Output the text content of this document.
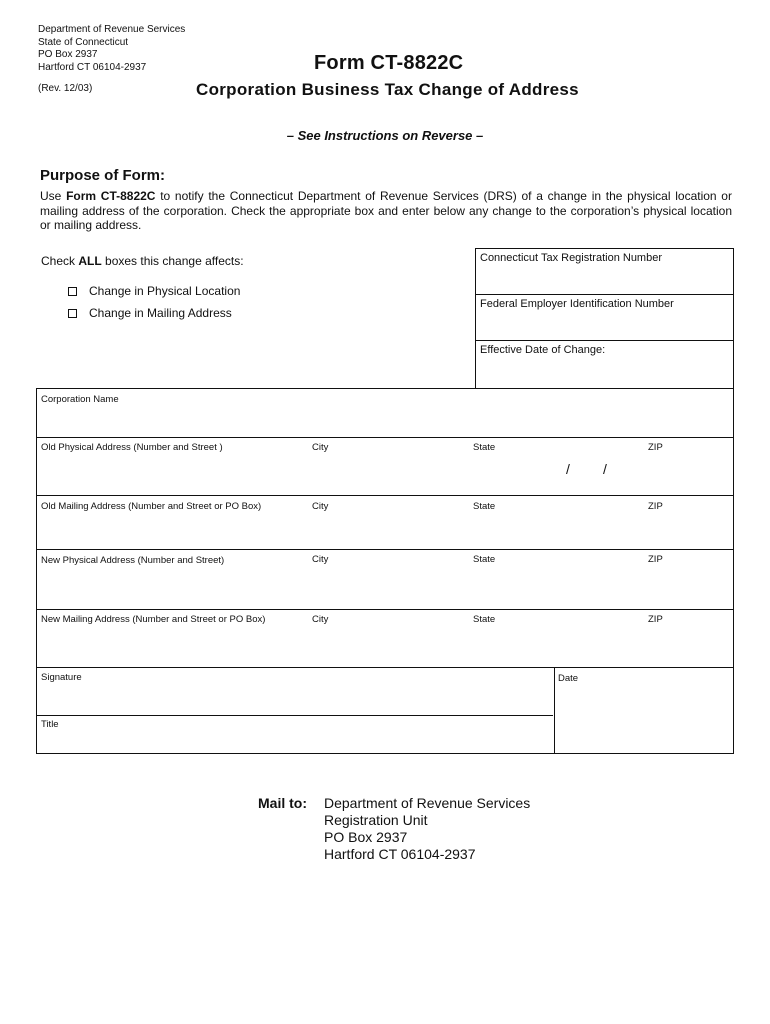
Department of Revenue Services
State of Connecticut
PO Box 2937
Hartford CT 06104-2937
(Rev. 12/03)
Form CT-8822C
Corporation Business Tax Change of Address
– See Instructions on Reverse –
Purpose of Form:
Use Form CT-8822C to notify the Connecticut Department of Revenue Services (DRS) of a change in the physical location or mailing address of the corporation. Check the appropriate box and enter below any change to the corporation’s physical location or mailing address.
Check ALL boxes this change affects:
Change in Physical Location
Change in Mailing Address
Connecticut Tax Registration Number
Federal Employer Identification Number
Effective Date of Change:
/ /
Corporation Name
Old Physical Address (Number and Street )	City	State	ZIP
Old Mailing Address (Number and Street or PO Box)	City	State	ZIP
New Physical Address (Number and Street)	City	State	ZIP
New Mailing Address (Number and Street or PO Box)	City	State	ZIP
Signature	Date
Title
Mail to: Department of Revenue Services
Registration Unit
PO Box 2937
Hartford CT 06104-2937
